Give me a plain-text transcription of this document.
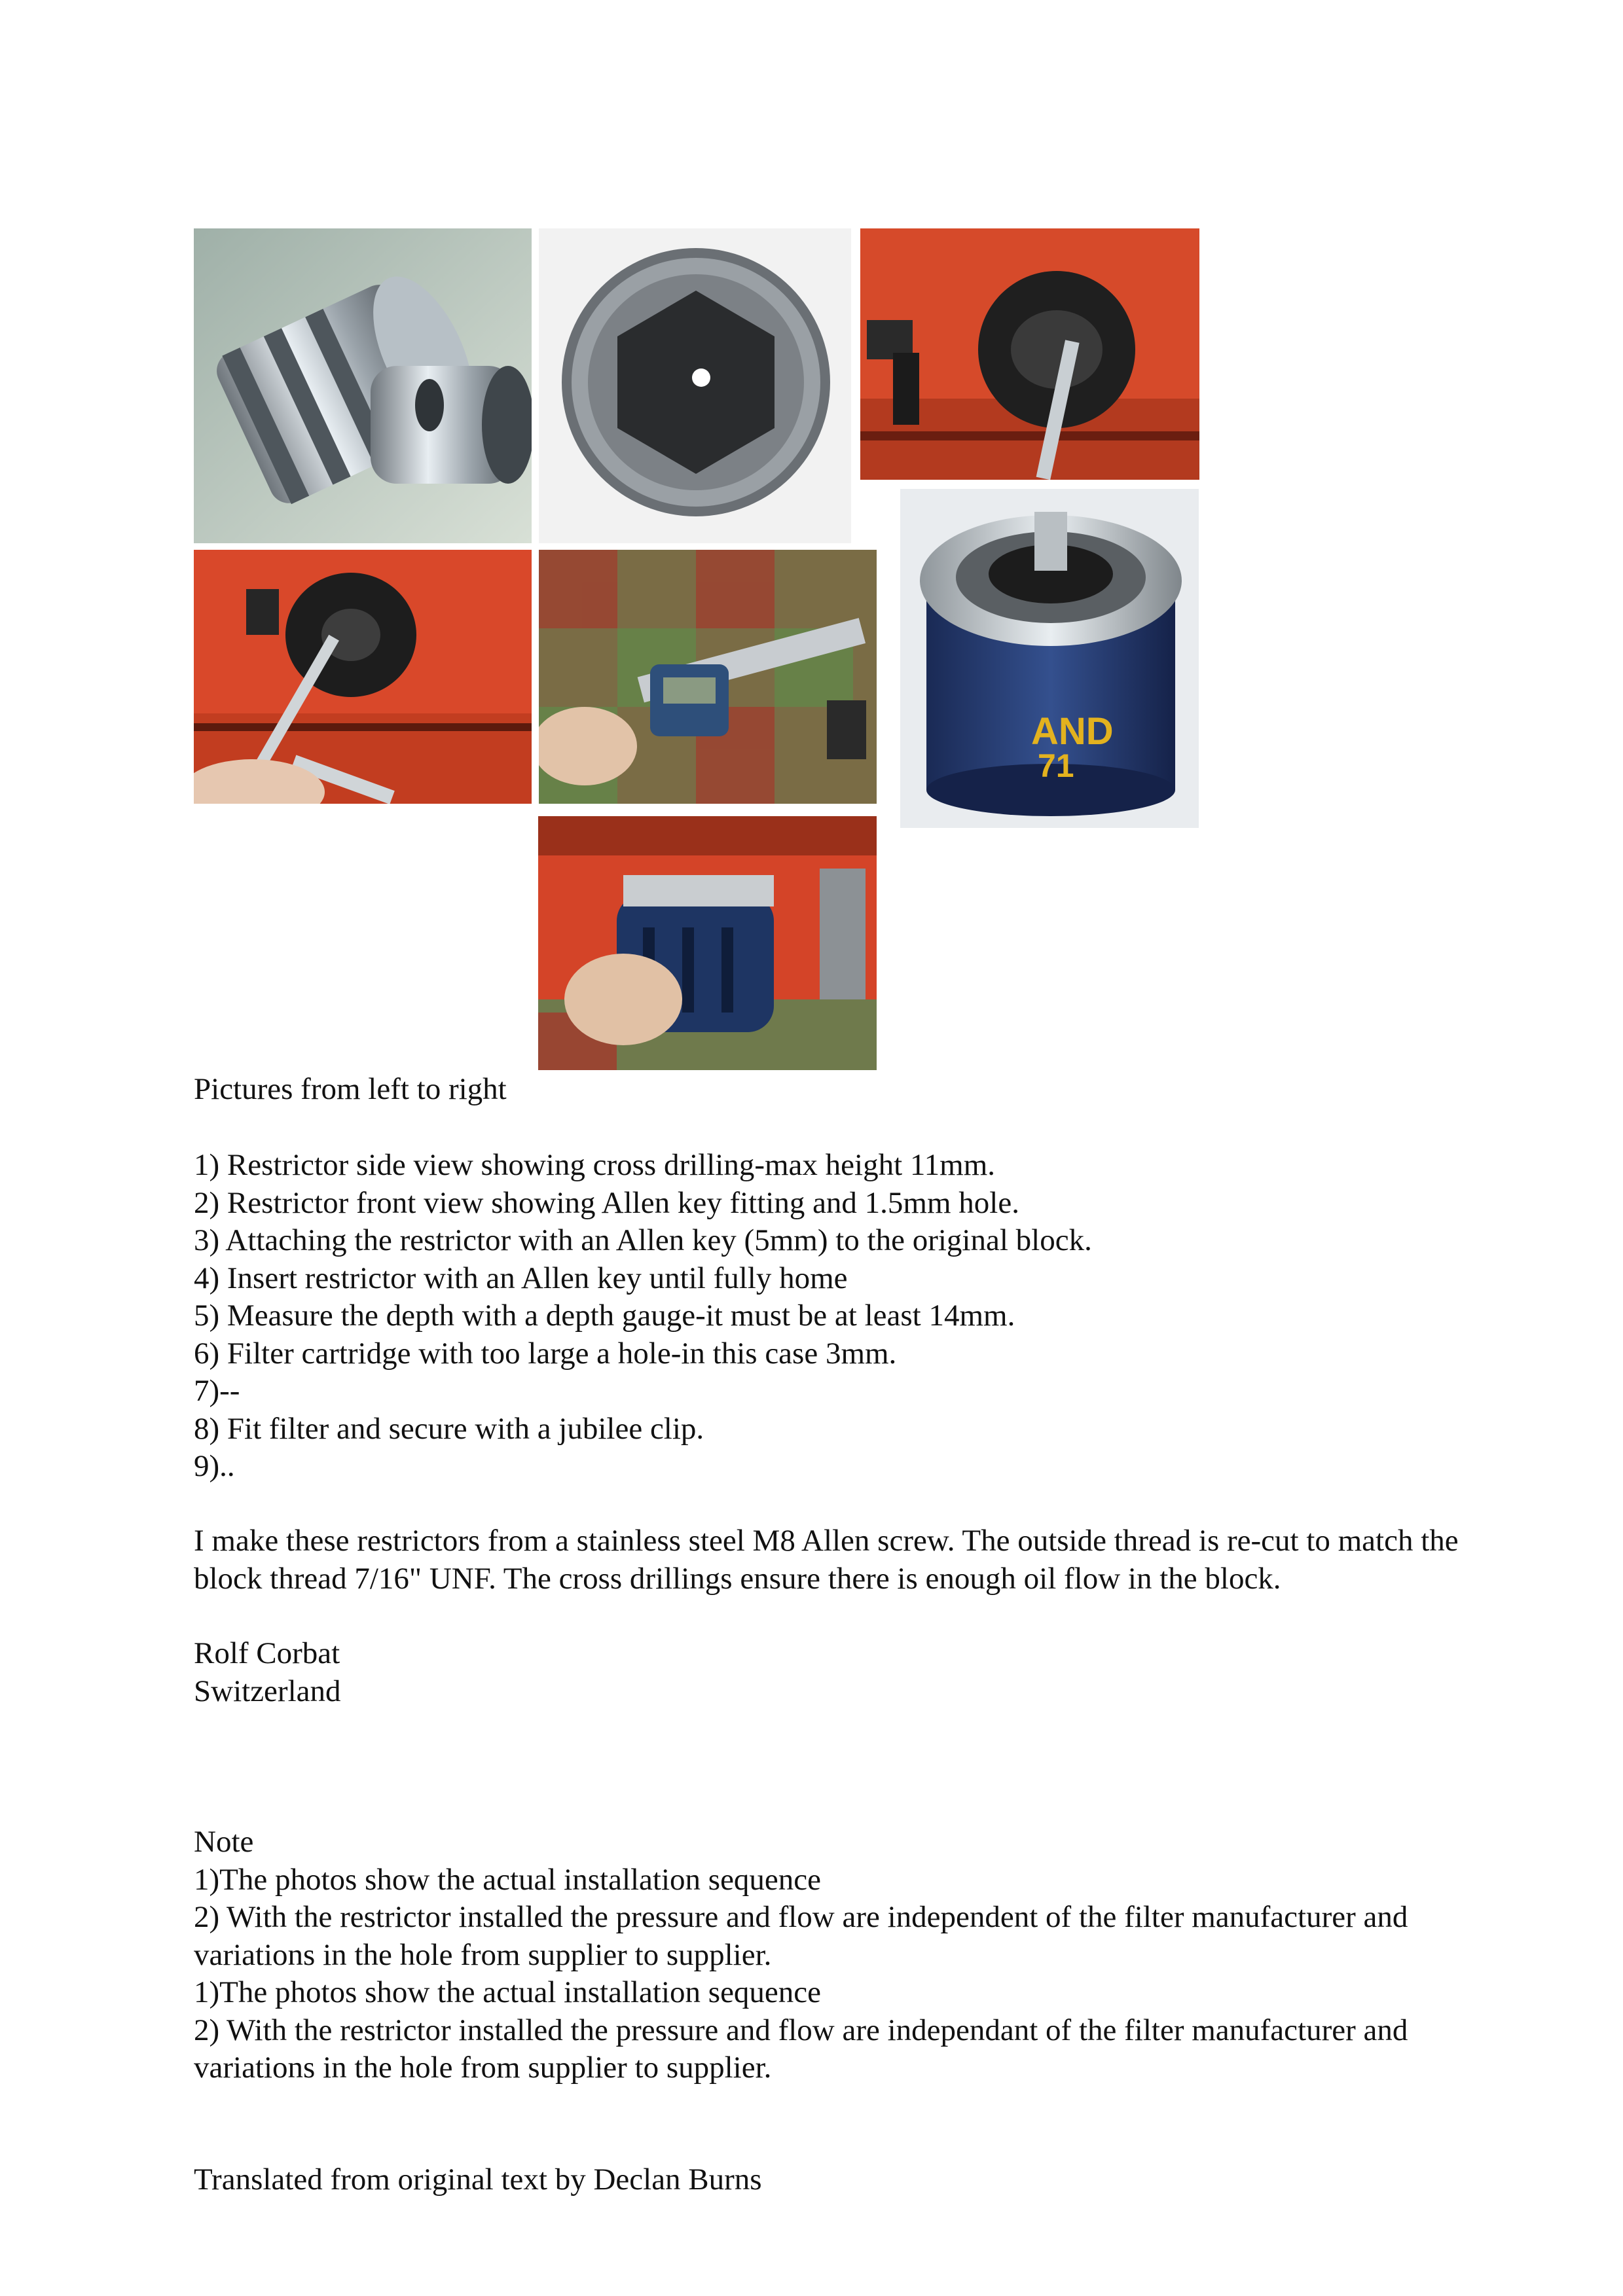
AND
71
Pictures from left to right
1) Restrictor side view showing cross drilling-max height 11mm.
2) Restrictor front view showing Allen key fitting and 1.5mm hole.
3) Attaching the restrictor with an Allen key (5mm) to the original block.
4) Insert restrictor with an Allen key until fully home
5) Measure the depth with a depth gauge-it must be at least 14mm.
6) Filter cartridge with too large a hole-in this case 3mm.
7)--
8) Fit filter and secure with a jubilee clip.
9)..
I make these restrictors from a stainless steel M8 Allen screw. The outside thread is re-cut to match the block thread 7/16" UNF. The cross drillings ensure there is enough oil flow in the block.
Rolf Corbat
Switzerland
Note
1)The photos show the actual installation sequence
2) With the restrictor installed the pressure and flow are independent of the filter manufacturer and variations in the hole from supplier to supplier.
1)The photos show the actual installation sequence
2) With the restrictor installed the pressure and flow are independant of the filter manufacturer and variations in the hole from supplier to supplier.
Translated from original text by Declan Burns
